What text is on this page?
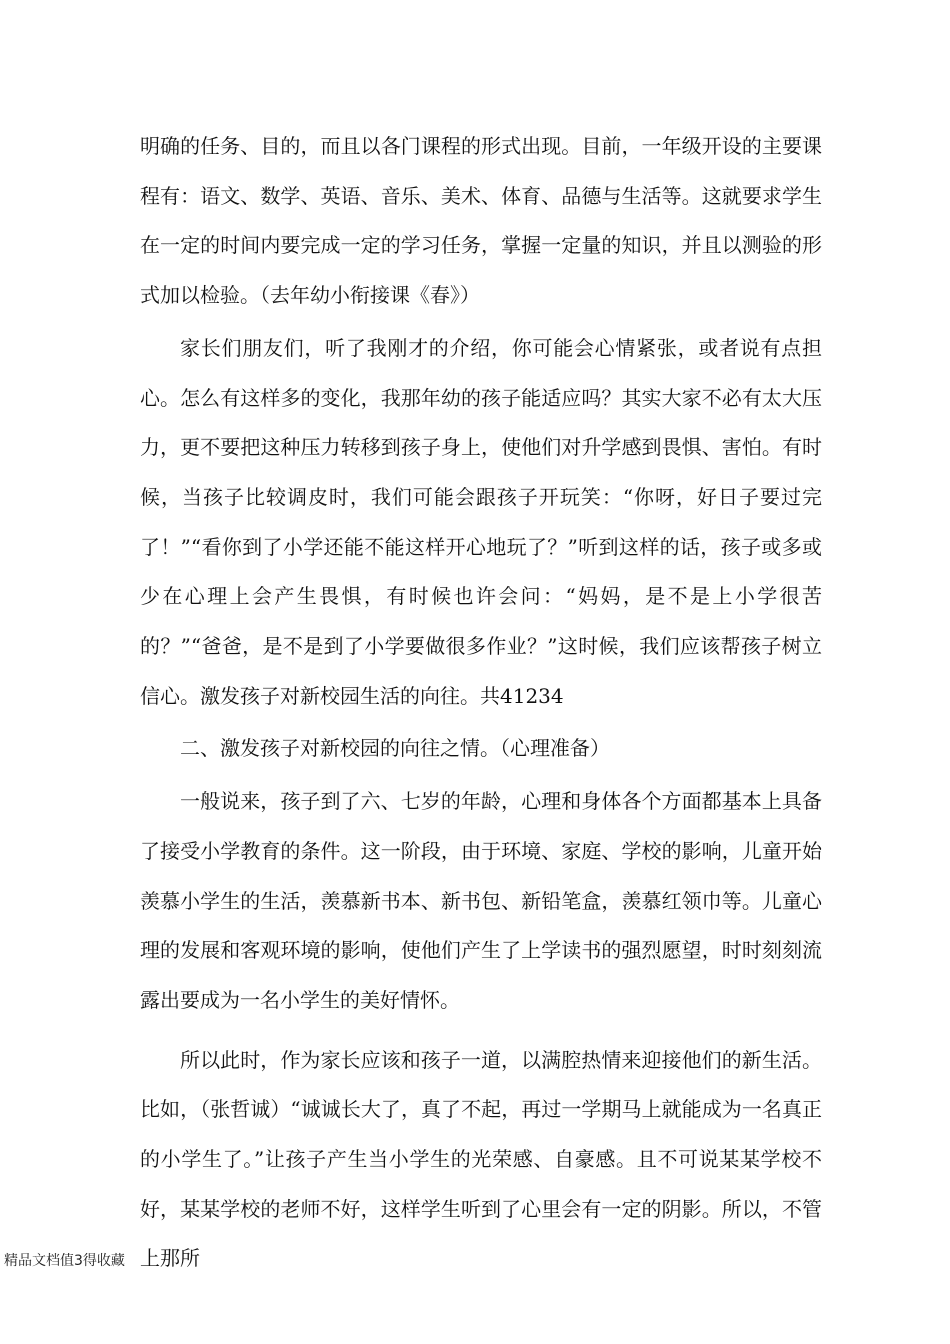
明确的任务、目的，而且以各门课程的形式出现。目前，一年级开设的主要课程有：语文、数学、英语、音乐、美术、体育、品德与生活等。这就要求学生在一定的时间内要完成一定的学习任务，掌握一定量的知识，并且以测验的形式加以检验。（去年幼小衔接课《春》）

家长们朋友们，听了我刚才的介绍，你可能会心情紧张，或者说有点担心。怎么有这样多的变化，我那年幼的孩子能适应吗？其实大家不必有太大压力，更不要把这种压力转移到孩子身上，使他们对升学感到畏惧、害怕。有时候，当孩子比较调皮时，我们可能会跟孩子开玩笑：“你呀，好日子要过完了！”“看你到了小学还能不能这样开心地玩了？”听到这样的话，孩子或多或少在心理上会产生畏惧，有时候也许会问：“妈妈，是不是上小学很苦的？”“爸爸，是不是到了小学要做很多作业？”这时候，我们应该帮孩子树立信心。激发孩子对新校园生活的向往。共41234

二、激发孩子对新校园的向往之情。（心理准备）

一般说来，孩子到了六、七岁的年龄，心理和身体各个方面都基本上具备了接受小学教育的条件。这一阶段，由于环境、家庭、学校的影响，儿童开始羡慕小学生的生活，羡慕新书本、新书包、新铅笔盒，羡慕红领巾等。儿童心理的发展和客观环境的影响，使他们产生了上学读书的强烈愿望，时时刻刻流露出要成为一名小学生的美好情怀。

所以此时，作为家长应该和孩子一道，以满腔热情来迎接他们的新生活。比如，（张哲诚）“诚诚长大了，真了不起，再过一学期马上就能成为一名真正的小学生了。”让孩子产生当小学生的光荣感、自豪感。且不可说某某学校不好，某某学校的老师不好，这样学生听到了心里会有一定的阴影。所以，不管上那所

精品文档值3得收藏
